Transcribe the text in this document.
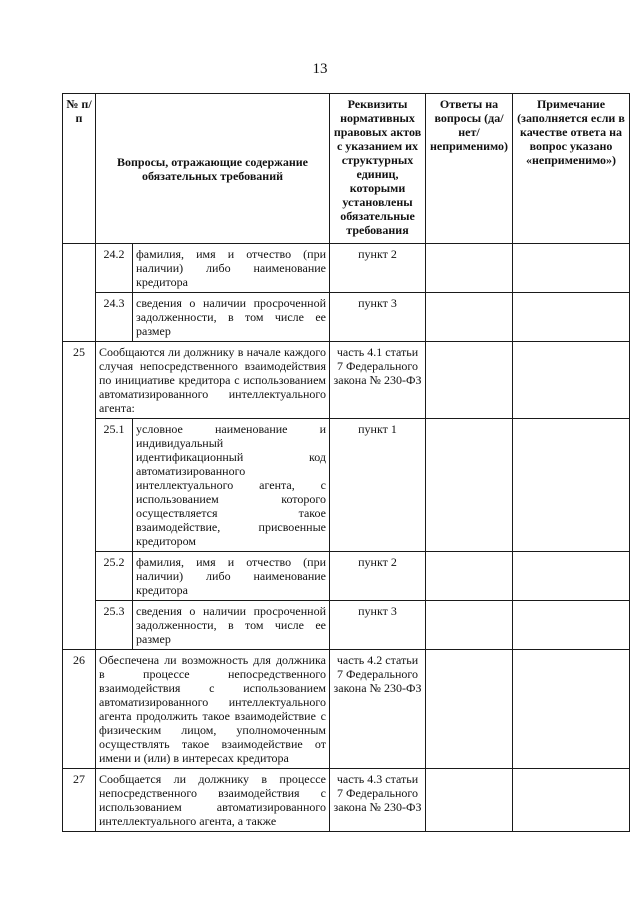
13
№ п/п	Вопросы, отражающие содержание обязательных требований		Реквизиты нормативных правовых актов с указанием их структурных единиц, которыми установлены обязательные требования	Ответы на вопросы (да/нет/ неприменимо)	Примечание (заполняется если в качестве ответа на вопрос указано «неприменимо»)
	24.2	фамилия, имя и отчество (при наличии) либо наименование кредитора	пункт 2		
	24.3	сведения о наличии просроченной задолженности, в том числе ее размер	пункт 3		
25	Сообщаются ли должнику в начале каждого случая непосредственного взаимодействия по инициативе кредитора с использованием автоматизированного интеллектуального агента:		часть 4.1 статьи 7 Федерального закона № 230-ФЗ		
	25.1	условное наименование и индивидуальный идентификационный код автоматизированного интеллектуального агента, с использованием которого осуществляется такое взаимодействие, присвоенные кредитором	пункт 1		
	25.2	фамилия, имя и отчество (при наличии) либо наименование кредитора	пункт 2		
	25.3	сведения о наличии просроченной задолженности, в том числе ее размер	пункт 3		
26	Обеспечена ли возможность для должника в процессе непосредственного взаимодействия с использованием автоматизированного интеллектуального агента продолжить такое взаимодействие с физическим лицом, уполномоченным осуществлять такое взаимодействие от имени и (или) в интересах кредитора		часть 4.2 статьи 7 Федерального закона № 230-ФЗ		
27	Сообщается ли должнику в процессе непосредственного взаимодействия с использованием автоматизированного интеллектуального агента, а также		часть 4.3 статьи 7 Федерального закона № 230-ФЗ		
